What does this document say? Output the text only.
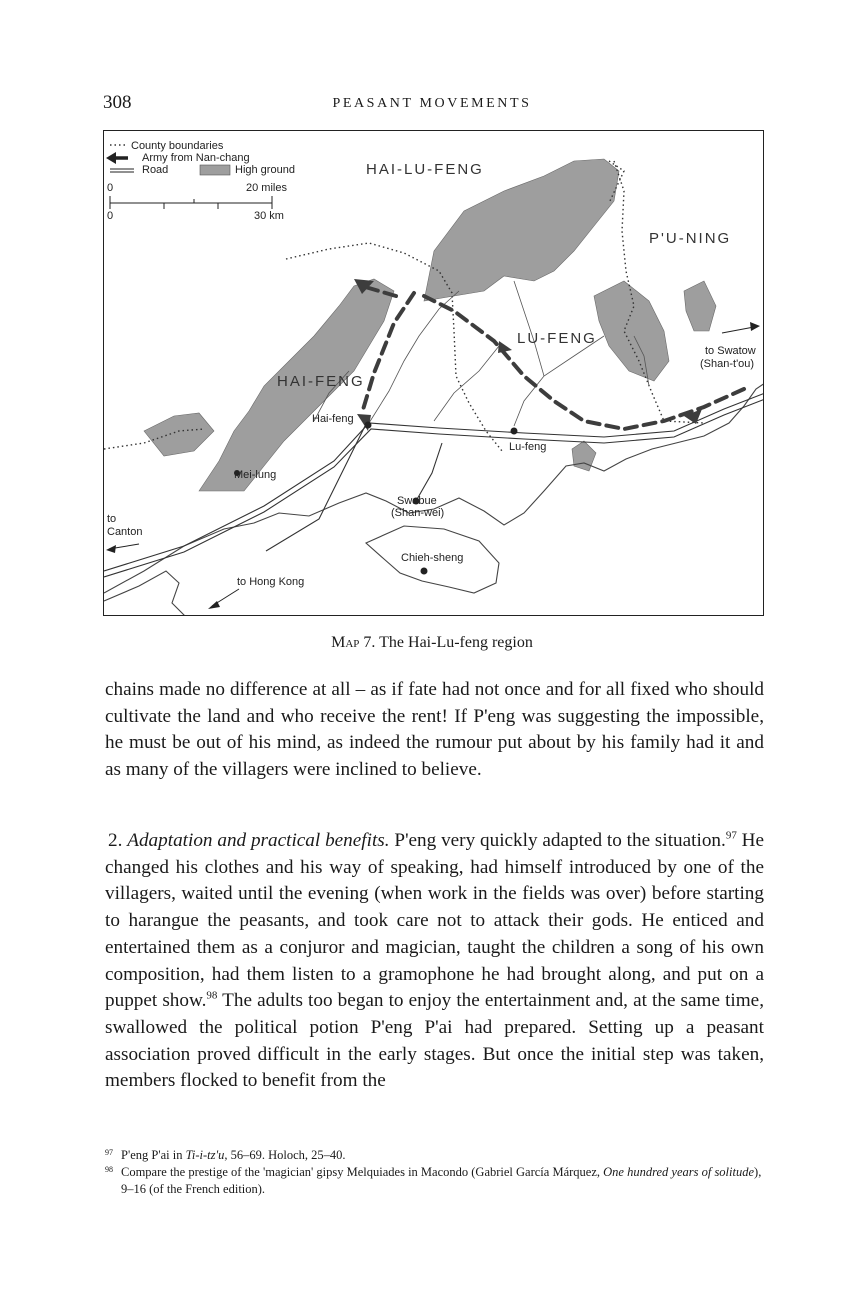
308	PEASANT MOVEMENTS
County boundaries
Army from Nan-chang
Road	High ground
0	20 miles
0	30 km
HAI-LU-FENG
P'U-NING
LU-FENG
HAI-FENG
Hai-feng
Lu-feng
Mei-lung
Swabue
(Shan-wei)
Chieh-sheng
to
Canton
to Hong Kong
to Swatow
(Shan-t'ou)
Map 7. The Hai-Lu-feng region

chains made no difference at all – as if fate had not once and for all fixed who should cultivate the land and who receive the rent! If P'eng was suggesting the impossible, he must be out of his mind, as indeed the rumour put about by his family had it and as many of the villagers were inclined to believe.

2. Adaptation and practical benefits. P'eng very quickly adapted to the situation.$^{97}$ He changed his clothes and his way of speaking, had himself introduced by one of the villagers, waited until the evening (when work in the fields was over) before starting to harangue the peasants, and took care not to attack their gods. He enticed and entertained them as a conjuror and magician, taught the children a song of his own composition, had them listen to a gramophone he had brought along, and put on a puppet show.$^{98}$ The adults too began to enjoy the entertainment and, at the same time, swallowed the political potion P'eng P'ai had prepared. Setting up a peasant association proved difficult in the early stages. But once the initial step was taken, members flocked to benefit from the

97 P'eng P'ai in Ti-i-tz'u, 56–69. Holoch, 25–40.
98 Compare the prestige of the 'magician' gipsy Melquiades in Macondo (Gabriel García Márquez, One hundred years of solitude), 9–16 (of the French edition).
